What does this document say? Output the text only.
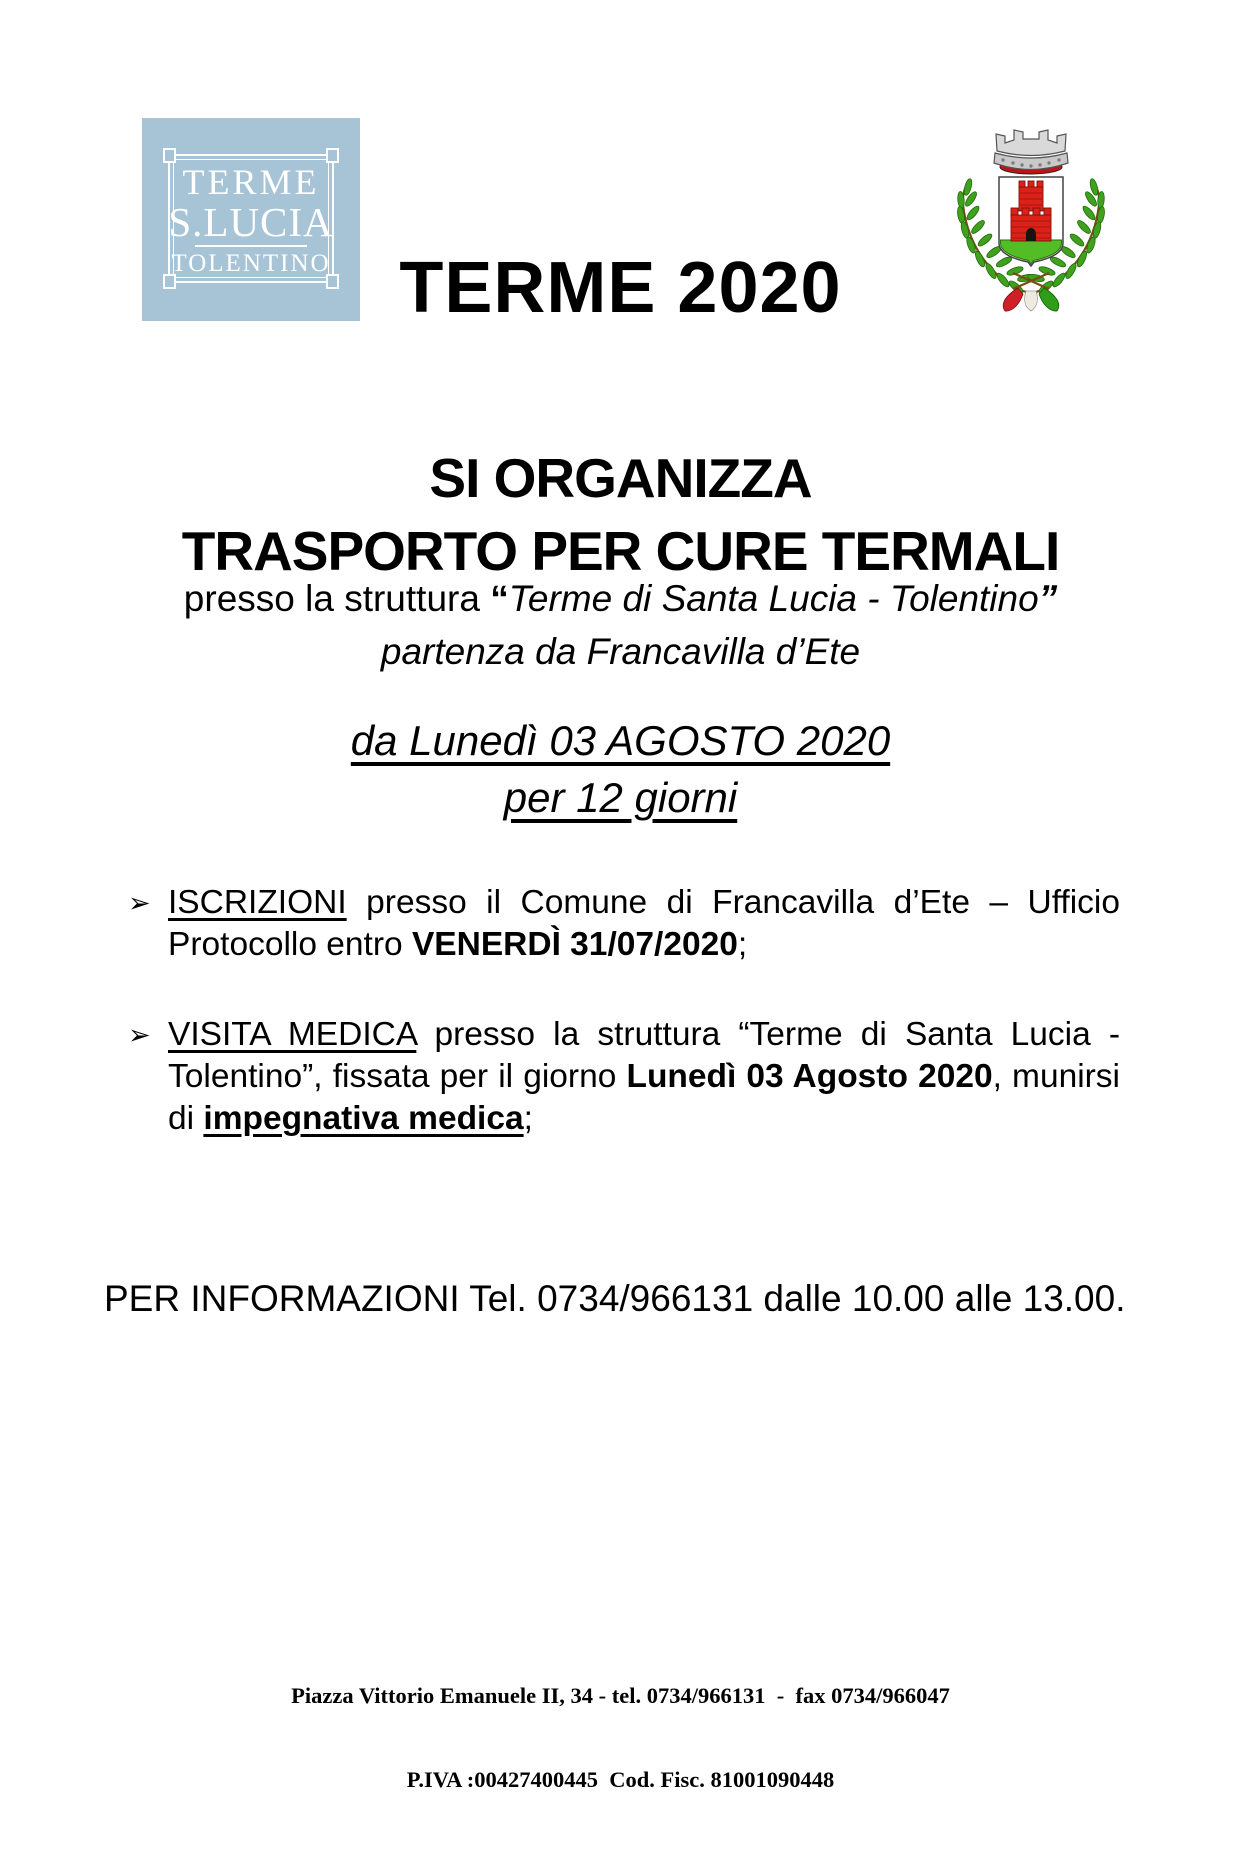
TERME
S.LUCIA
TOLENTINO TERME 2020
SI ORGANIZZA
TRASPORTO PER CURE TERMALI
presso la struttura “Terme di Santa Lucia - Tolentino”
partenza da Francavilla d’Ete
da Lunedì 03 AGOSTO 2020
per 12 giorni
➢ ISCRIZIONI presso il Comune di Francavilla d’Ete – Ufficio Protocollo entro VENERDÌ 31/07/2020;
➢ VISITA MEDICA presso la struttura “Terme di Santa Lucia - Tolentino”, fissata per il giorno Lunedì 03 Agosto 2020, munirsi di impegnativa medica;
PER INFORMAZIONI Tel. 0734/966131 dalle 10.00 alle 13.00.

Piazza Vittorio Emanuele II, 34 - tel. 0734/966131  -  fax 0734/966047

P.IVA :00427400445  Cod. Fisc. 81001090448
